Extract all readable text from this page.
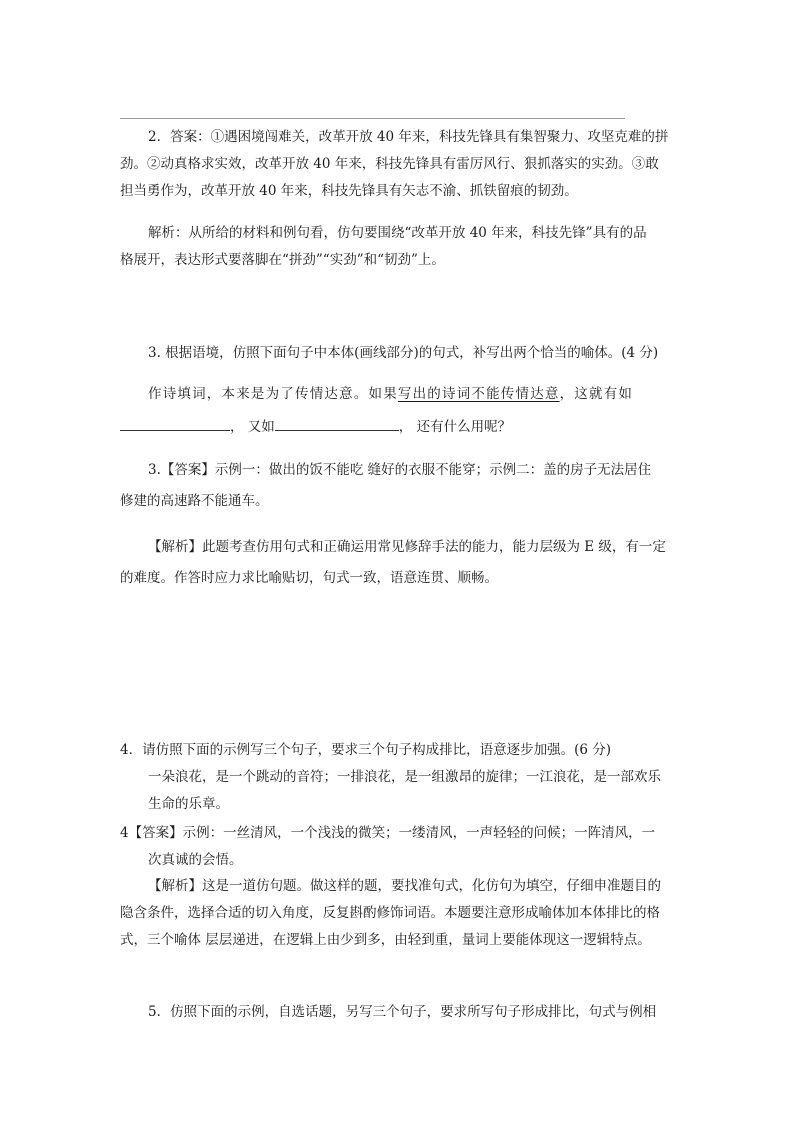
2．答案：①遇困境闯难关，改革开放 40 年来，科技先锋具有集智聚力、攻坚克难的拼
劲。②动真格求实效，改革开放 40 年来，科技先锋具有雷厉风行、狠抓落实的实劲。③敢
担当勇作为，改革开放 40 年来，科技先锋具有矢志不渝、抓铁留痕的韧劲。
解析：从所给的材料和例句看，仿句要围绕“改革开放 40 年来，科技先锋”具有的品
格展开，表达形式要落脚在“拼劲”“实劲”和“韧劲”上。
3. 根据语境，仿照下面句子中本体(画线部分)的句式，补写出两个恰当的喻体。(4 分)
作诗填词，本来是为了传情达意。如果写出的诗词不能传情达意，这就有如
， 又如	， 还有什么用呢？
3.【答案】示例一：做出的饭不能吃 缝好的衣服不能穿；示例二：盖的房子无法居住
修建的高速路不能通车。
【解析】此题考查仿用句式和正确运用常见修辞手法的能力，能力层级为 E 级，有一定
的难度。作答时应力求比喻贴切，句式一致，语意连贯、顺畅。
4．请仿照下面的示例写三个句子，要求三个句子构成排比，语意逐步加强。(6 分)
一朵浪花，是一个跳动的音符；一排浪花，是一组激昂的旋律；一江浪花，是一部欢乐
生命的乐章。
4【答案】示例：一丝清风，一个浅浅的微笑；一缕清风，一声轻轻的问候；一阵清风，一
次真诚的会悟。
【解析】这是一道仿句题。做这样的题，要找准句式，化仿句为填空，仔细申准题目的
隐含条件，选择合适的切入角度，反复斟酌修饰词语。本题要注意形成喻体加本体排比的格
式，三个喻体 层层递进，在逻辑上由少到多，由轻到重，量词上要能体现这一逻辑特点。
5．仿照下面的示例，自选话题，另写三个句子，要求所写句子形成排比，句式与例相
